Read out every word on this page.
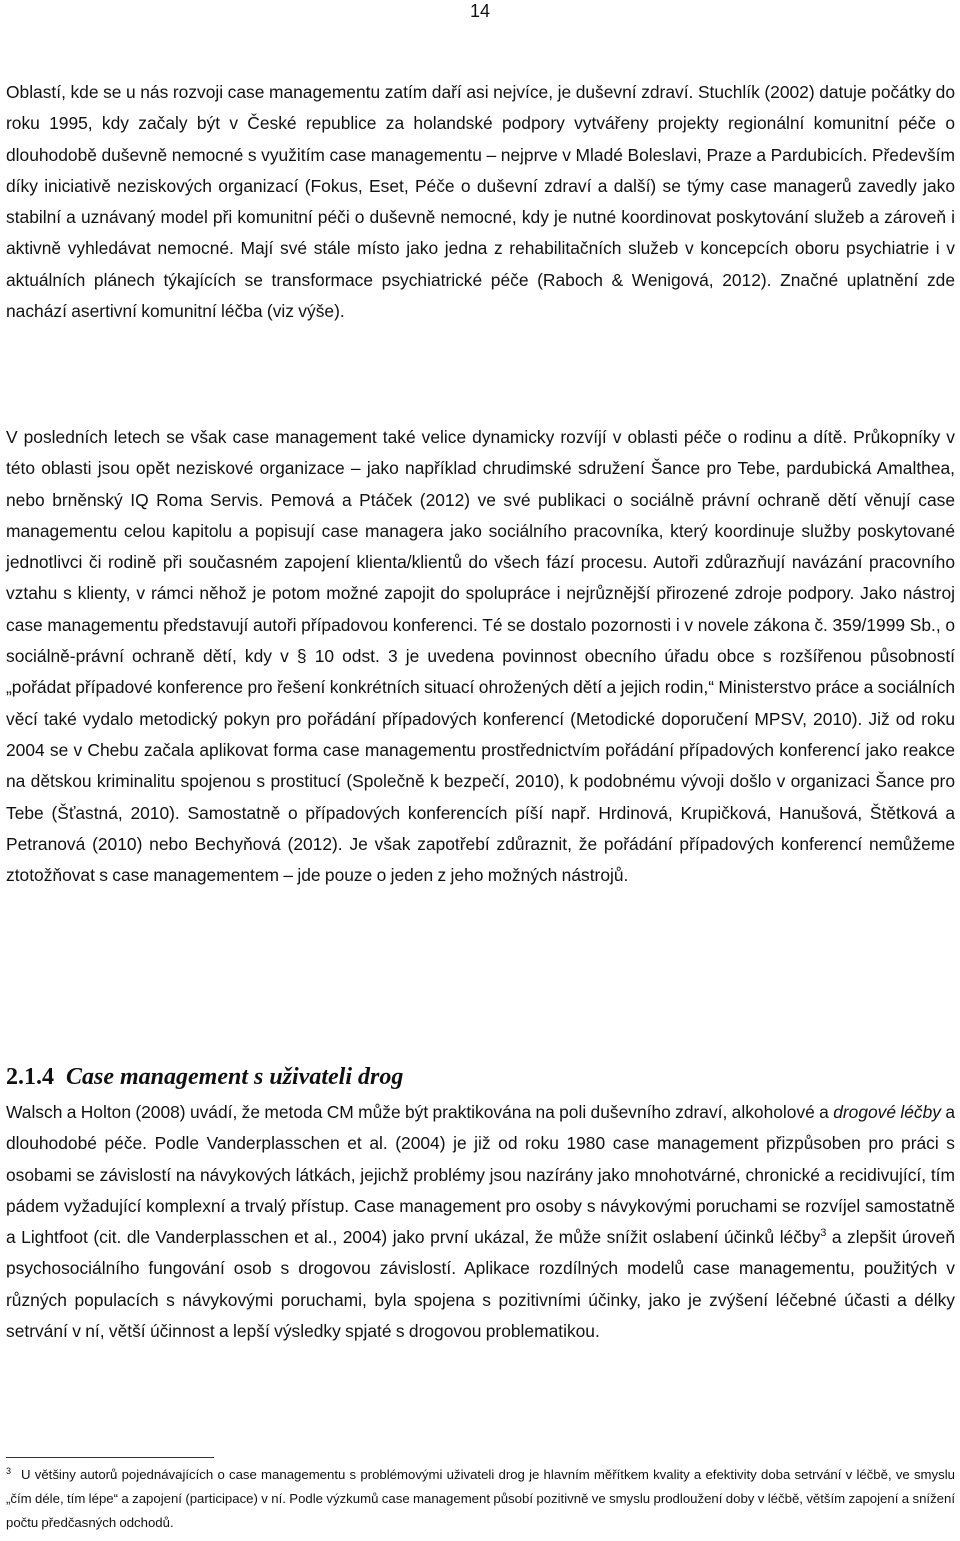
14

Oblastí, kde se u nás rozvoji case managementu zatím daří asi nejvíce, je duševní zdraví. Stuchlík (2002) datuje počátky do roku 1995, kdy začaly být v České republice za holandské podpory vytvářeny projekty regionální komunitní péče o dlouhodobě duševně nemocné s využitím case managementu – nejprve v Mladé Boleslavi, Praze a Pardubicích. Především díky iniciativě neziskových organizací (Fokus, Eset, Péče o duševní zdraví a další) se týmy case managerů zavedly jako stabilní a uznávaný model při komunitní péči o duševně nemocné, kdy je nutné koordinovat poskytování služeb a zároveň i aktivně vyhledávat nemocné. Mají své stále místo jako jedna z rehabilitačních služeb v koncepcích oboru psychiatrie i v aktuálních plánech týkajících se transformace psychiatrické péče (Raboch & Wenigová, 2012). Značné uplatnění zde nachází asertivní komunitní léčba (viz výše).

V posledních letech se však case management také velice dynamicky rozvíjí v oblasti péče o rodinu a dítě. Průkopníky v této oblasti jsou opět neziskové organizace – jako například chrudimské sdružení Šance pro Tebe, pardubická Amalthea, nebo brněnský IQ Roma Servis. Pemová a Ptáček (2012) ve své publikaci o sociálně právní ochraně dětí věnují case managementu celou kapitolu a popisují case managera jako sociálního pracovníka, který koordinuje služby poskytované jednotlivci či rodině při současném zapojení klienta/klientů do všech fází procesu. Autoři zdůrazňují navázání pracovního vztahu s klienty, v rámci něhož je potom možné zapojit do spolupráce i nejrůznější přirozené zdroje podpory. Jako nástroj case managementu představují autoři případovou konferenci. Té se dostalo pozornosti i v novele zákona č. 359/1999 Sb., o sociálně-právní ochraně dětí, kdy v § 10 odst. 3 je uvedena povinnost obecního úřadu obce s rozšířenou působností „pořádat případové konference pro řešení konkrétních situací ohrožených dětí a jejich rodin,“ Ministerstvo práce a sociálních věcí také vydalo metodický pokyn pro pořádání případových konferencí (Metodické doporučení MPSV, 2010). Již od roku 2004 se v Chebu začala aplikovat forma case managementu prostřednictvím pořádání případových konferencí jako reakce na dětskou kriminalitu spojenou s prostitucí (Společně k bezpečí, 2010), k podobnému vývoji došlo v organizaci Šance pro Tebe (Šťastná, 2010). Samostatně o případových konferencích píší např. Hrdinová, Krupičková, Hanušová, Štětková a Petranová (2010) nebo Bechyňová (2012). Je však zapotřebí zdůraznit, že pořádání případových konferencí nemůžeme ztotožňovat s case managementem – jde pouze o jeden z jeho možných nástrojů.

2.1.4 Case management s uživateli drog

Walsch a Holton (2008) uvádí, že metoda CM může být praktikována na poli duševního zdraví, alkoholové a drogové léčby a dlouhodobé péče. Podle Vanderplasschen et al. (2004) je již od roku 1980 case management přizpůsoben pro práci s osobami se závislostí na návykových látkách, jejichž problémy jsou nazírány jako mnohotvárné, chronické a recidivující, tím pádem vyžadující komplexní a trvalý přístup. Case management pro osoby s návykovými poruchami se rozvíjel samostatně a Lightfoot (cit. dle Vanderplasschen et al., 2004) jako první ukázal, že může snížit oslabení účinků léčby$^3$ a zlepšit úroveň psychosociálního fungování osob s drogovou závislostí. Aplikace rozdílných modelů case managementu, použitých v různých populacích s návykovými poruchami, byla spojena s pozitivními účinky, jako je zvýšení léčebné účasti a délky setrvání v ní, větší účinnost a lepší výsledky spjaté s drogovou problematikou.

$^3$ U většiny autorů pojednávajících o case managementu s problémovými uživateli drog je hlavním měřítkem kvality a efektivity doba setrvání v léčbě, ve smyslu „čím déle, tím lépe“ a zapojení (participace) v ní. Podle výzkumů case management působí pozitivně ve smyslu prodloužení doby v léčbě, větším zapojení a snížení počtu předčasných odchodů.
